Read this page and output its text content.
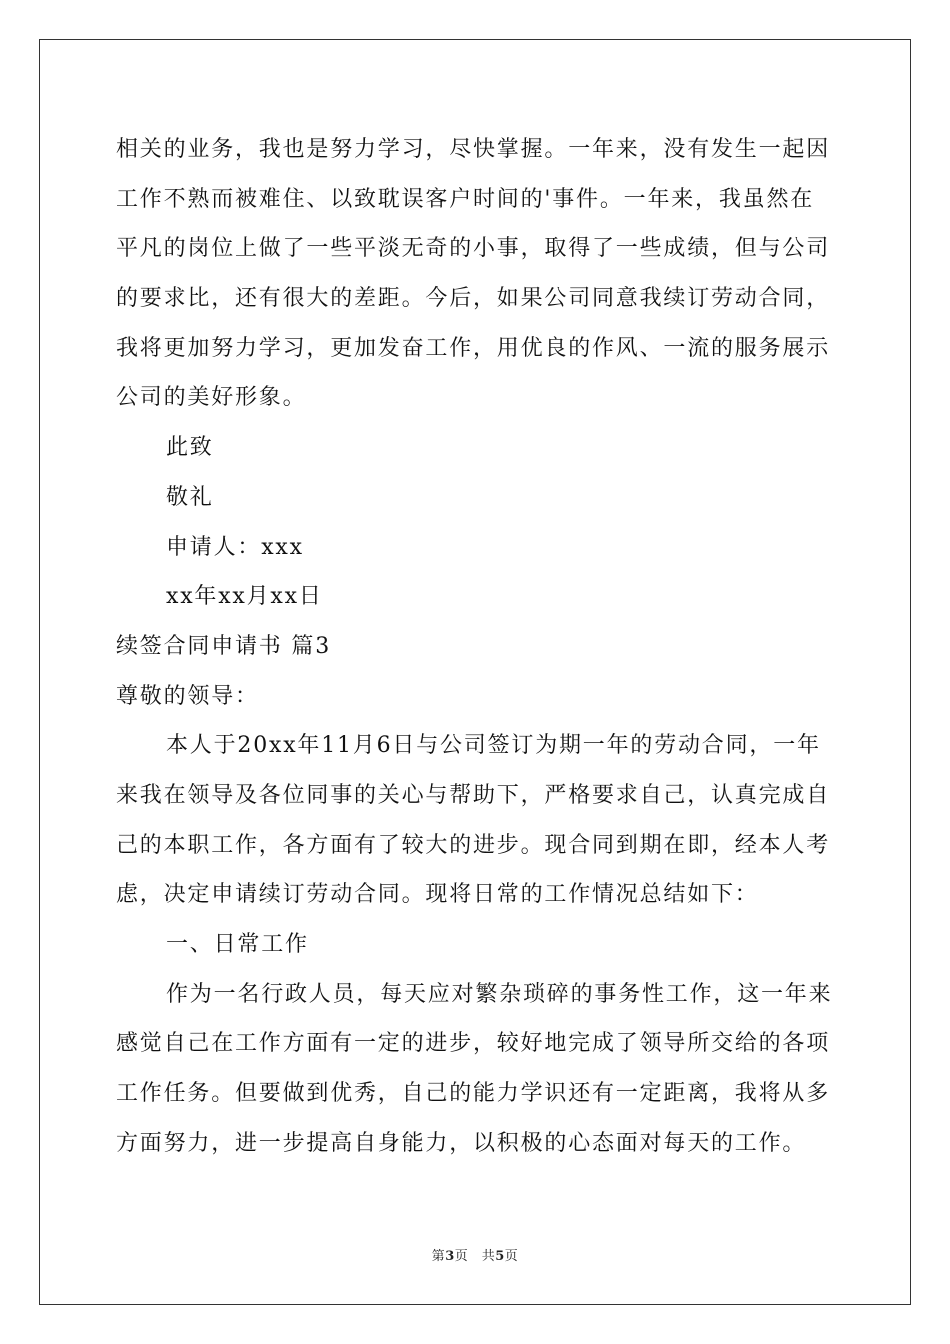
相关的业务，我也是努力学习，尽快掌握。一年来，没有发生一起因
工作不熟而被难住、以致耽误客户时间的'事件。一年来，我虽然在
平凡的岗位上做了一些平淡无奇的小事，取得了一些成绩，但与公司
的要求比，还有很大的差距。今后，如果公司同意我续订劳动合同，
我将更加努力学习，更加发奋工作，用优良的作风、一流的服务展示
公司的美好形象。
此致
敬礼
申请人：xxx
xx年xx月xx日
续签合同申请书 篇3
尊敬的领导：
本人于20xx年11月6日与公司签订为期一年的劳动合同，一年
来我在领导及各位同事的关心与帮助下，严格要求自己，认真完成自
己的本职工作，各方面有了较大的进步。现合同到期在即，经本人考
虑，决定申请续订劳动合同。现将日常的工作情况总结如下：
一、日常工作
作为一名行政人员，每天应对繁杂琐碎的事务性工作，这一年来
感觉自己在工作方面有一定的进步，较好地完成了领导所交给的各项
工作任务。但要做到优秀，自己的能力学识还有一定距离，我将从多
方面努力，进一步提高自身能力，以积极的心态面对每天的工作。
第3页　共5页
